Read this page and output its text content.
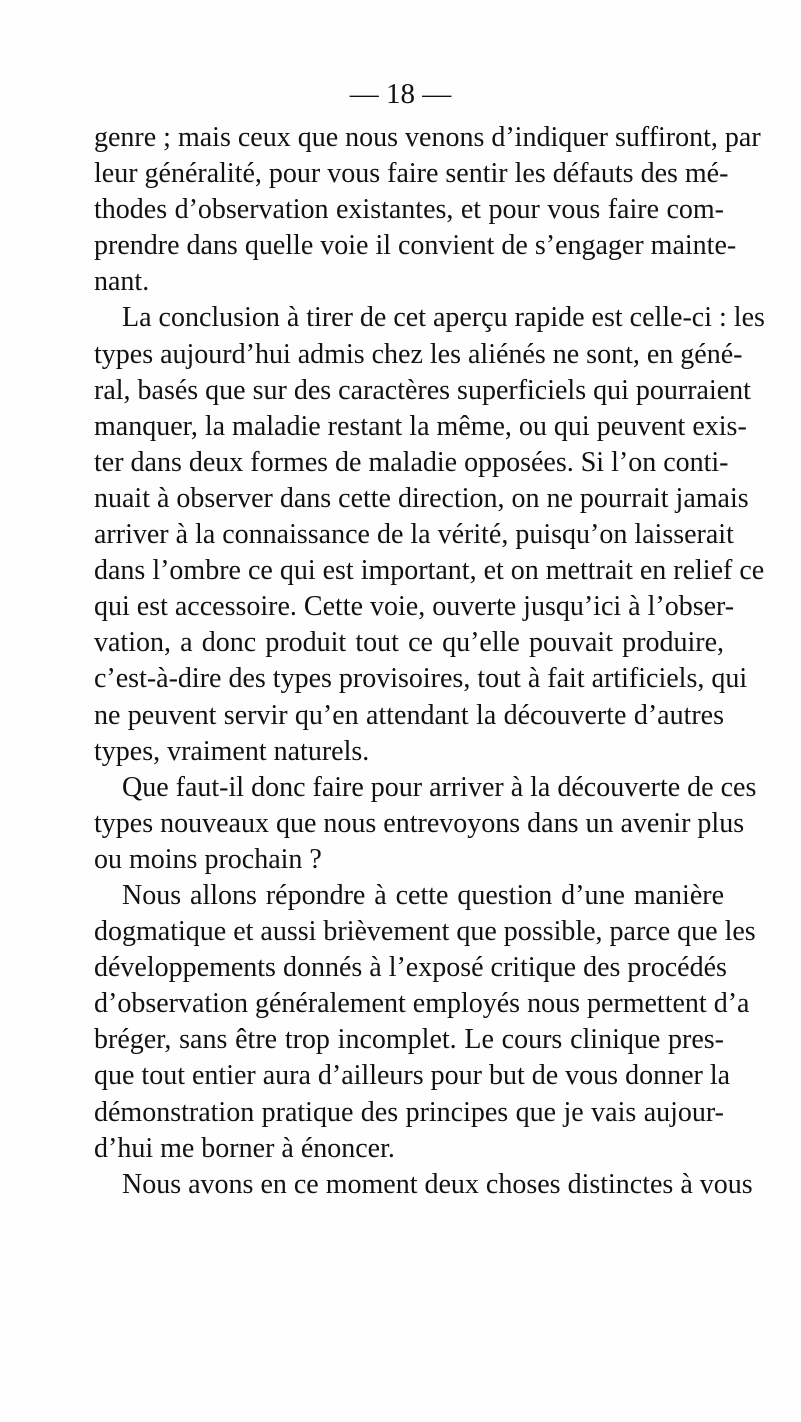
— 18 —

genre ; mais ceux que nous venons d’indiquer suffiront, par
leur généralité, pour vous faire sentir les défauts des mé-
thodes d’observation existantes, et pour vous faire com-
prendre dans quelle voie il convient de s’engager mainte-
nant.

La conclusion à tirer de cet aperçu rapide est celle-ci : les
types aujourd’hui admis chez les aliénés ne sont, en géné-
ral, basés que sur des caractères superficiels qui pourraient
manquer, la maladie restant la même, ou qui peuvent exis-
ter dans deux formes de maladie opposées. Si l’on conti-
nuait à observer dans cette direction, on ne pourrait jamais
arriver à la connaissance de la vérité, puisqu’on laisserait
dans l’ombre ce qui est important, et on mettrait en relief ce
qui est accessoire. Cette voie, ouverte jusqu’ici à l’obser-
vation, a donc produit tout ce qu’elle pouvait produire,
c’est-à-dire des types provisoires, tout à fait artificiels, qui
ne peuvent servir qu’en attendant la découverte d’autres
types, vraiment naturels.

Que faut-il donc faire pour arriver à la découverte de ces
types nouveaux que nous entrevoyons dans un avenir plus
ou moins prochain ?

Nous allons répondre à cette question d’une manière
dogmatique et aussi brièvement que possible, parce que les
développements donnés à l’exposé critique des procédés
d’observation généralement employés nous permettent d’a
bréger, sans être trop incomplet. Le cours clinique pres-
que tout entier aura d’ailleurs pour but de vous donner la
démonstration pratique des principes que je vais aujour-
d’hui me borner à énoncer.

Nous avons en ce moment deux choses distinctes à vous
